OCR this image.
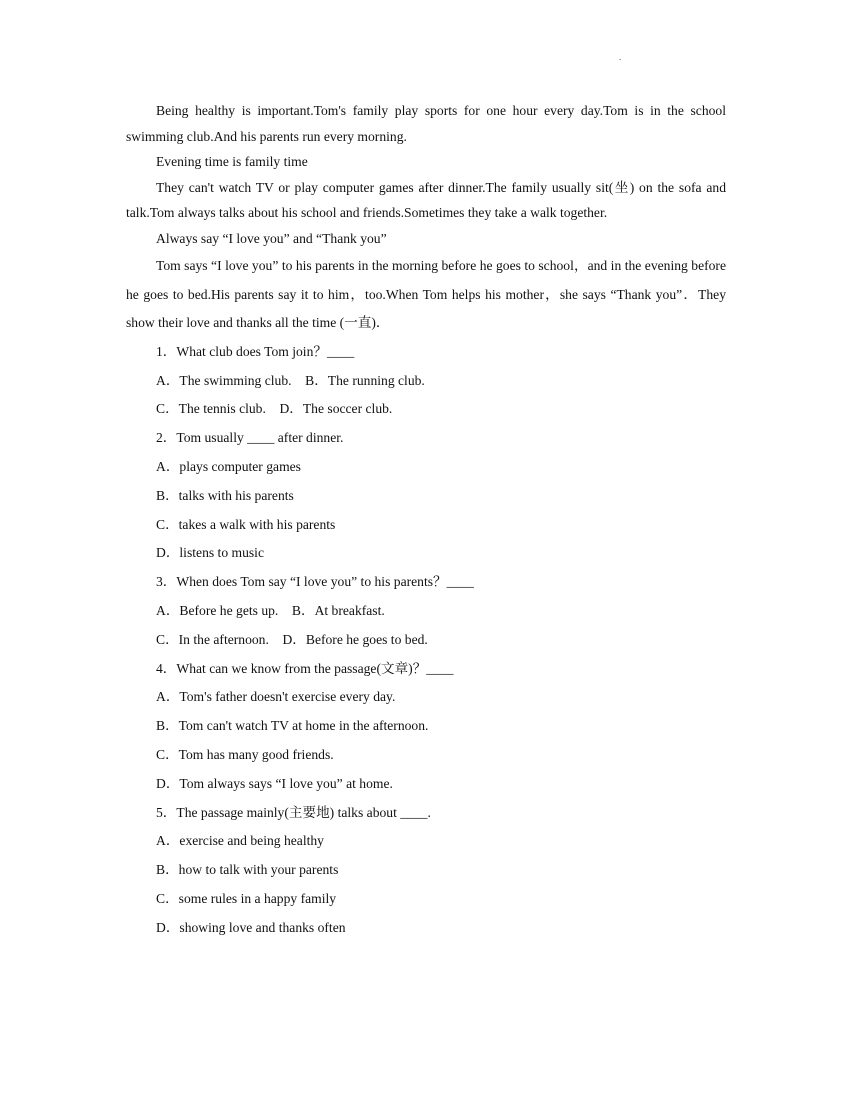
.

Being healthy is important.Tom's family play sports for one hour every day.Tom is in the school swimming club.And his parents run every morning.

Evening time is family time

They can't watch TV or play computer games after dinner.The family usually sit(坐) on the sofa and talk.Tom always talks about his school and friends.Sometimes they take a walk together.

Always say “I love you” and “Thank you”

Tom says “I love you” to his parents in the morning before he goes to school，and in the evening before he goes to bed.His parents say it to him，too.When Tom helps his mother，she says “Thank you”．They show their love and thanks all the time (一直)．

1．What club does Tom join？____

A．The swimming club.　B．The running club.

C．The tennis club.　D．The soccer club.

2．Tom usually ____ after dinner.

A．plays computer games

B．talks with his parents

C．takes a walk with his parents

D．listens to music

3．When does Tom say “I love you” to his parents？____

A．Before he gets up.　B．At breakfast.

C．In the afternoon.　D．Before he goes to bed.

4．What can we know from the passage(文章)？____

A．Tom's father doesn't exercise every day.

B．Tom can't watch TV at home in the afternoon.

C．Tom has many good friends.

D．Tom always says “I love you” at home.

5．The passage mainly(主要地) talks about ____.

A．exercise and being healthy

B．how to talk with your parents

C．some rules in a happy family

D．showing love and thanks often
